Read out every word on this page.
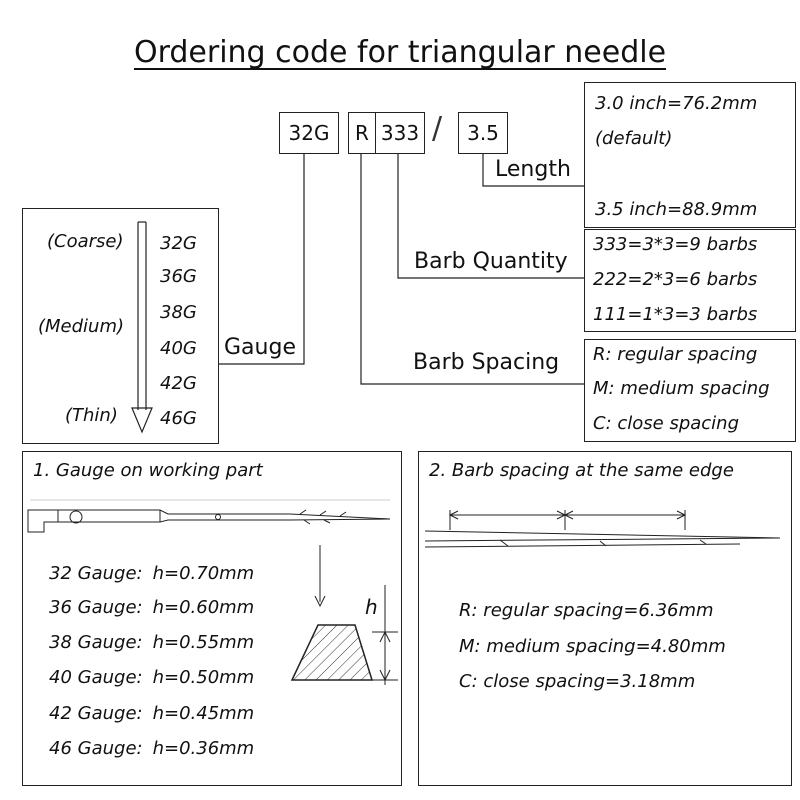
Ordering code for triangular needle
32G R 333 / 3.5
3.0 inch=76.2mm
(default)
3.5 inch=88.9mm
333=3*3=9 barbs
222=2*3=6 barbs
111=1*3=3 barbs
R: regular spacing
M: medium spacing
C: close spacing
(Coarse)
(Medium)
(Thin)
32G
36G
38G
40G
42G
46G
Length
Barb Quantity
Barb Spacing
Gauge
1. Gauge on working part
h
32 Gauge: h=0.70mm
36 Gauge: h=0.60mm
38 Gauge: h=0.55mm
40 Gauge: h=0.50mm
42 Gauge: h=0.45mm
46 Gauge: h=0.36mm
2. Barb spacing at the same edge
R: regular spacing=6.36mm
M: medium spacing=4.80mm
C: close spacing=3.18mm
